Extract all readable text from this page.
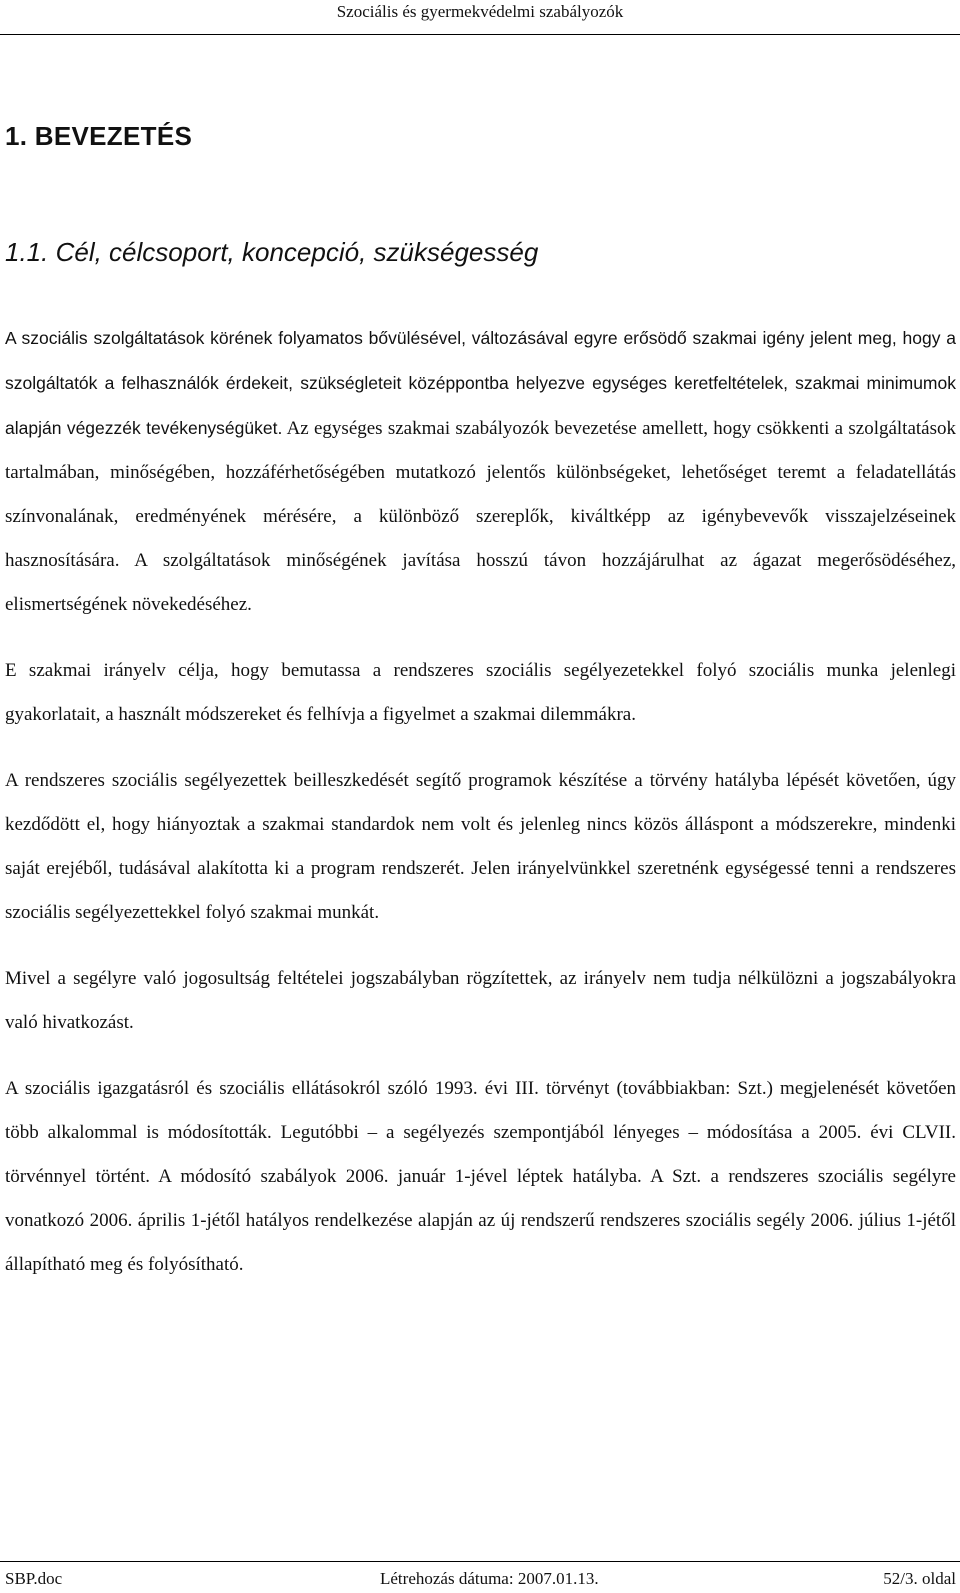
Szociális és gyermekvédelmi szabályozók
1. BEVEZETÉS
1.1. Cél, célcsoport, koncepció, szükségesség

A szociális szolgáltatások körének folyamatos bővülésével, változásával egyre erősödő szakmai igény jelent meg, hogy a szolgáltatók a felhasználók érdekeit, szükségleteit középpontba helyezve egységes keretfeltételek, szakmai minimumok alapján végezzék tevékenységüket. Az egységes szakmai szabályozók bevezetése amellett, hogy csökkenti a szolgáltatások tartalmában, minőségében, hozzáférhetőségében mutatkozó jelentős különbségeket, lehetőséget teremt a feladatellátás színvonalának, eredményének mérésére, a különböző szereplők, kiváltképp az igénybevevők visszajelzéseinek hasznosítására. A szolgáltatások minőségének javítása hosszú távon hozzájárulhat az ágazat megerősödéséhez, elismertségének növekedéséhez.

E szakmai irányelv célja, hogy bemutassa a rendszeres szociális segélyezetekkel folyó szociális munka jelenlegi gyakorlatait, a használt módszereket és felhívja a figyelmet a szakmai dilemmákra.

A rendszeres szociális segélyezettek beilleszkedését segítő programok készítése a törvény hatályba lépését követően, úgy kezdődött el, hogy hiányoztak a szakmai standardok nem volt és jelenleg nincs közös álláspont a módszerekre, mindenki saját erejéből, tudásával alakította ki a program rendszerét. Jelen irányelvünkkel szeretnénk egységessé tenni a rendszeres szociális segélyezettekkel folyó szakmai munkát.

Mivel a segélyre való jogosultság feltételei jogszabályban rögzítettek, az irányelv nem tudja nélkülözni a jogszabályokra való hivatkozást.

A szociális igazgatásról és szociális ellátásokról szóló 1993. évi III. törvényt (továbbiakban: Szt.) megjelenését követően több alkalommal is módosították. Legutóbbi – a segélyezés szempontjából lényeges – módosítása a 2005. évi CLVII. törvénnyel történt. A módosító szabályok 2006. január 1-jével léptek hatályba. A Szt. a rendszeres szociális segélyre vonatkozó 2006. április 1-jétől hatályos rendelkezése alapján az új rendszerű rendszeres szociális segély 2006. július 1-jétől állapítható meg és folyósítható.

SBP.doc	Létrehozás dátuma: 2007.01.13.	52/3. oldal
